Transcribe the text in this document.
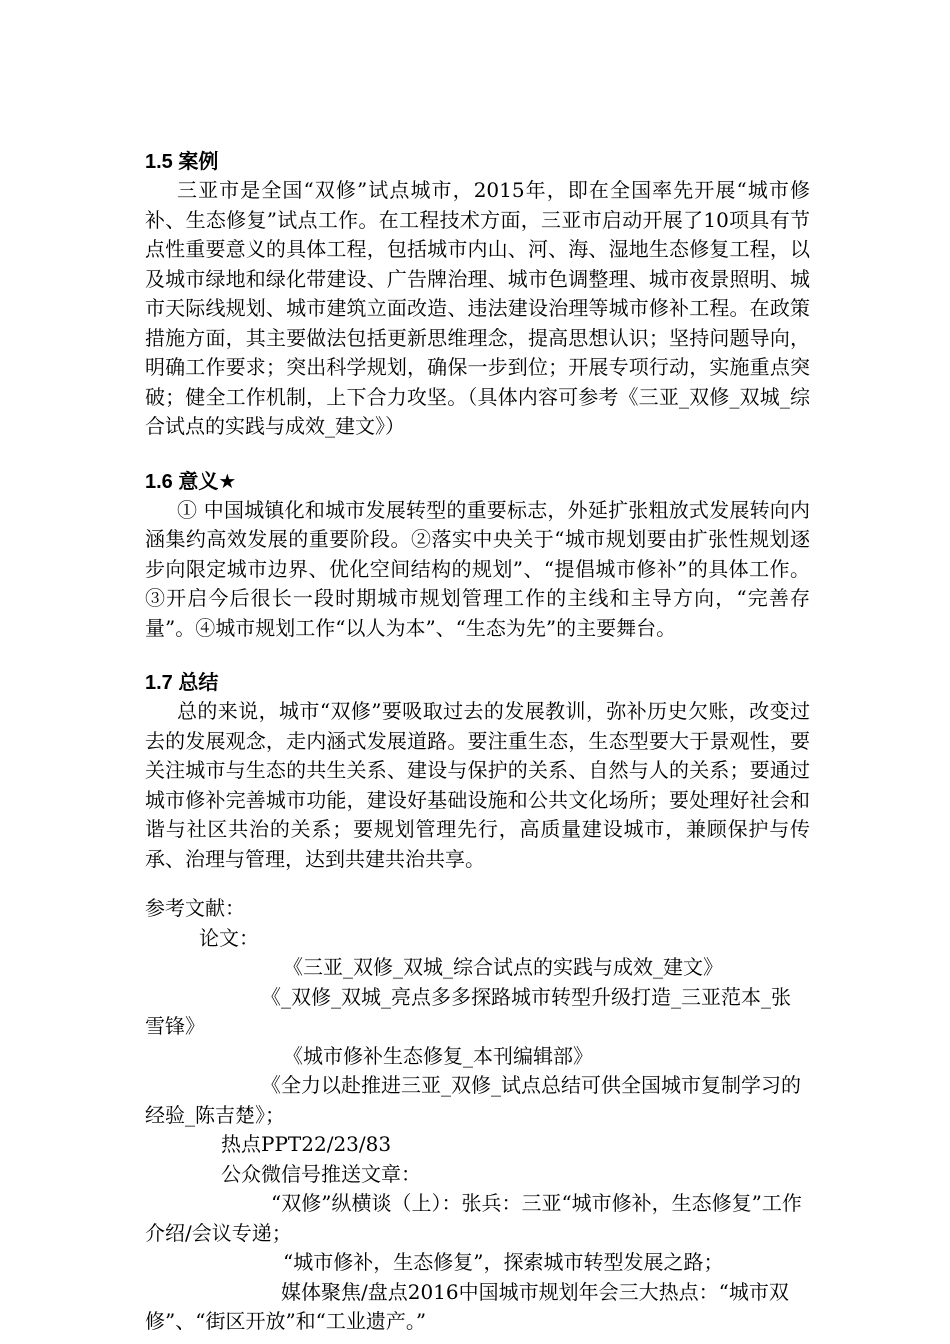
1.5 案例

三亚市是全国“双修”试点城市，2015年，即在全国率先开展“城市修补、生态修复”试点工作。在工程技术方面，三亚市启动开展了10项具有节点性重要意义的具体工程，包括城市内山、河、海、湿地生态修复工程，以及城市绿地和绿化带建设、广告牌治理、城市色调整理、城市夜景照明、城市天际线规划、城市建筑立面改造、违法建设治理等城市修补工程。在政策措施方面，其主要做法包括更新思维理念，提高思想认识；坚持问题导向，明确工作要求；突出科学规划，确保一步到位；开展专项行动，实施重点突破；健全工作机制，上下合力攻坚。（具体内容可参考《三亚_双修_双城_综合试点的实践与成效_建文》）

1.6 意义★

① 中国城镇化和城市发展转型的重要标志，外延扩张粗放式发展转向内涵集约高效发展的重要阶段。②落实中央关于“城市规划要由扩张性规划逐步向限定城市边界、优化空间结构的规划”、“提倡城市修补”的具体工作。③开启今后很长一段时期城市规划管理工作的主线和主导方向，“完善存量”。④城市规划工作“以人为本”、“生态为先”的主要舞台。

1.7 总结

总的来说，城市“双修”要吸取过去的发展教训，弥补历史欠账，改变过去的发展观念，走内涵式发展道路。要注重生态，生态型要大于景观性，要关注城市与生态的共生关系、建设与保护的关系、自然与人的关系；要通过城市修补完善城市功能，建设好基础设施和公共文化场所；要处理好社会和谐与社区共治的关系；要规划管理先行，高质量建设城市，兼顾保护与传承、治理与管理，达到共建共治共享。

参考文献：

论文：

《三亚_双修_双城_综合试点的实践与成效_建文》

《_双修_双城_亮点多多探路城市转型升级打造_三亚范本_张雪锋》

《城市修补生态修复_本刊编辑部》

《全力以赴推进三亚_双修_试点总结可供全国城市复制学习的经验_陈吉楚》；

热点PPT22/23/83

公众微信号推送文章：

“双修”纵横谈（上）：张兵：三亚“城市修补，生态修复”工作介绍/会议专递；

“城市修补，生态修复”，探索城市转型发展之路；

媒体聚焦/盘点2016中国城市规划年会三大热点：“城市双修”、“街区开放”和“工业遗产。”
